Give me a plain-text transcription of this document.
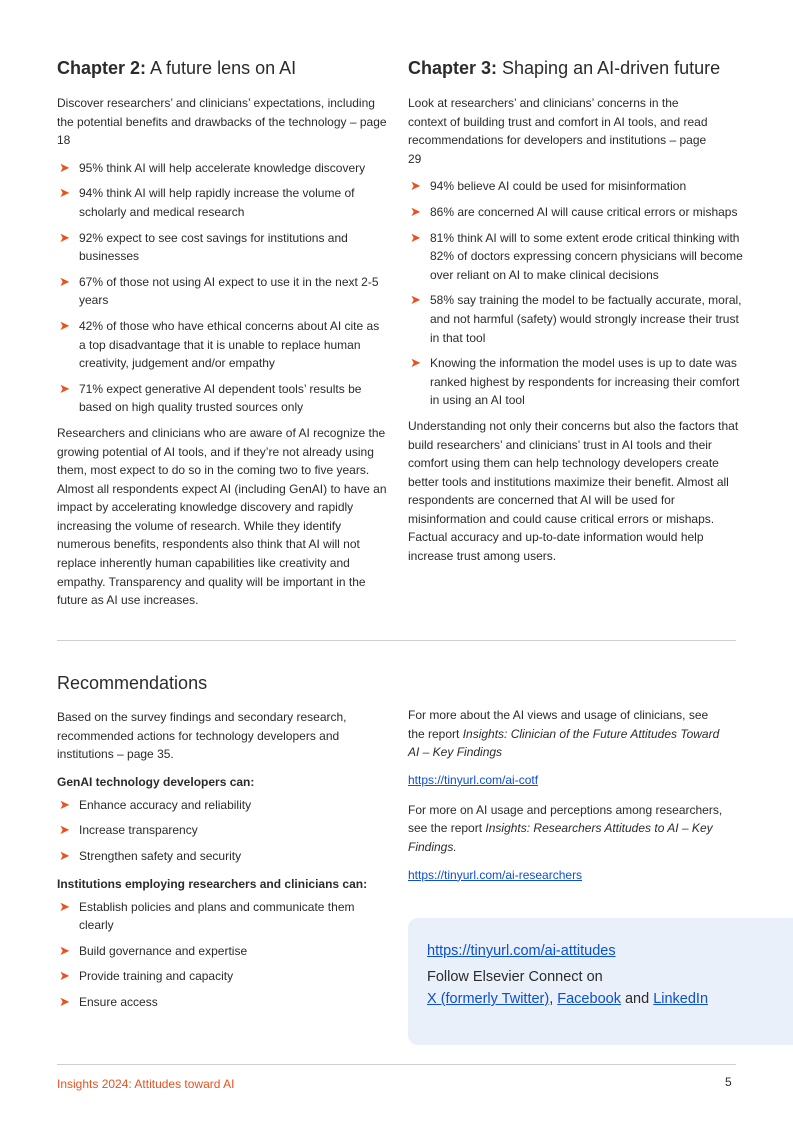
Chapter 2: A future lens on AI

Discover researchers’ and clinicians’ expectations, including the potential benefits and drawbacks of the technology – page 18

➤ 95% think AI will help accelerate knowledge discovery
➤ 94% think AI will help rapidly increase the volume of scholarly and medical research
➤ 92% expect to see cost savings for institutions and businesses
➤ 67% of those not using AI expect to use it in the next 2-5 years
➤ 42% of those who have ethical concerns about AI cite as a top disadvantage that it is unable to replace human creativity, judgement and/or empathy
➤ 71% expect generative AI dependent tools’ results be based on high quality trusted sources only

Researchers and clinicians who are aware of AI recognize the growing potential of AI tools, and if they’re not already using them, most expect to do so in the coming two to five years. Almost all respondents expect AI (including GenAI) to have an impact by accelerating knowledge discovery and rapidly increasing the volume of research. While they identify numerous benefits, respondents also think that AI will not replace inherently human capabilities like creativity and empathy. Transparency and quality will be important in the future as AI use increases.

Chapter 3: Shaping an AI-driven future

Look at researchers’ and clinicians’ concerns in the context of building trust and comfort in AI tools, and read recommendations for developers and institutions – page 29

➤ 94% believe AI could be used for misinformation
➤ 86% are concerned AI will cause critical errors or mishaps
➤ 81% think AI will to some extent erode critical thinking with 82% of doctors expressing concern physicians will become over reliant on AI to make clinical decisions
➤ 58% say training the model to be factually accurate, moral, and not harmful (safety) would strongly increase their trust in that tool
➤ Knowing the information the model uses is up to date was ranked highest by respondents for increasing their comfort in using an AI tool

Understanding not only their concerns but also the factors that build researchers’ and clinicians’ trust in AI tools and their comfort using them can help technology developers create better tools and institutions maximize their benefit. Almost all respondents are concerned that AI will be used for misinformation and could cause critical errors or mishaps. Factual accuracy and up-to-date information would help increase trust among users.

Recommendations

Based on the survey findings and secondary research, recommended actions for technology developers and institutions – page 35.

GenAI technology developers can:
➤ Enhance accuracy and reliability
➤ Increase transparency
➤ Strengthen safety and security
Institutions employing researchers and clinicians can:
➤ Establish policies and plans and communicate them clearly
➤ Build governance and expertise
➤ Provide training and capacity
➤ Ensure access

For more about the AI views and usage of clinicians, see the report Insights: Clinician of the Future Attitudes Toward AI – Key Findings

https://tinyurl.com/ai-cotf

For more on AI usage and perceptions among researchers, see the report Insights: Researchers Attitudes to AI – Key Findings.

https://tinyurl.com/ai-researchers

https://tinyurl.com/ai-attitudes
Follow Elsevier Connect on
X (formerly Twitter), Facebook and LinkedIn
Insights 2024: Attitudes toward AI	5
